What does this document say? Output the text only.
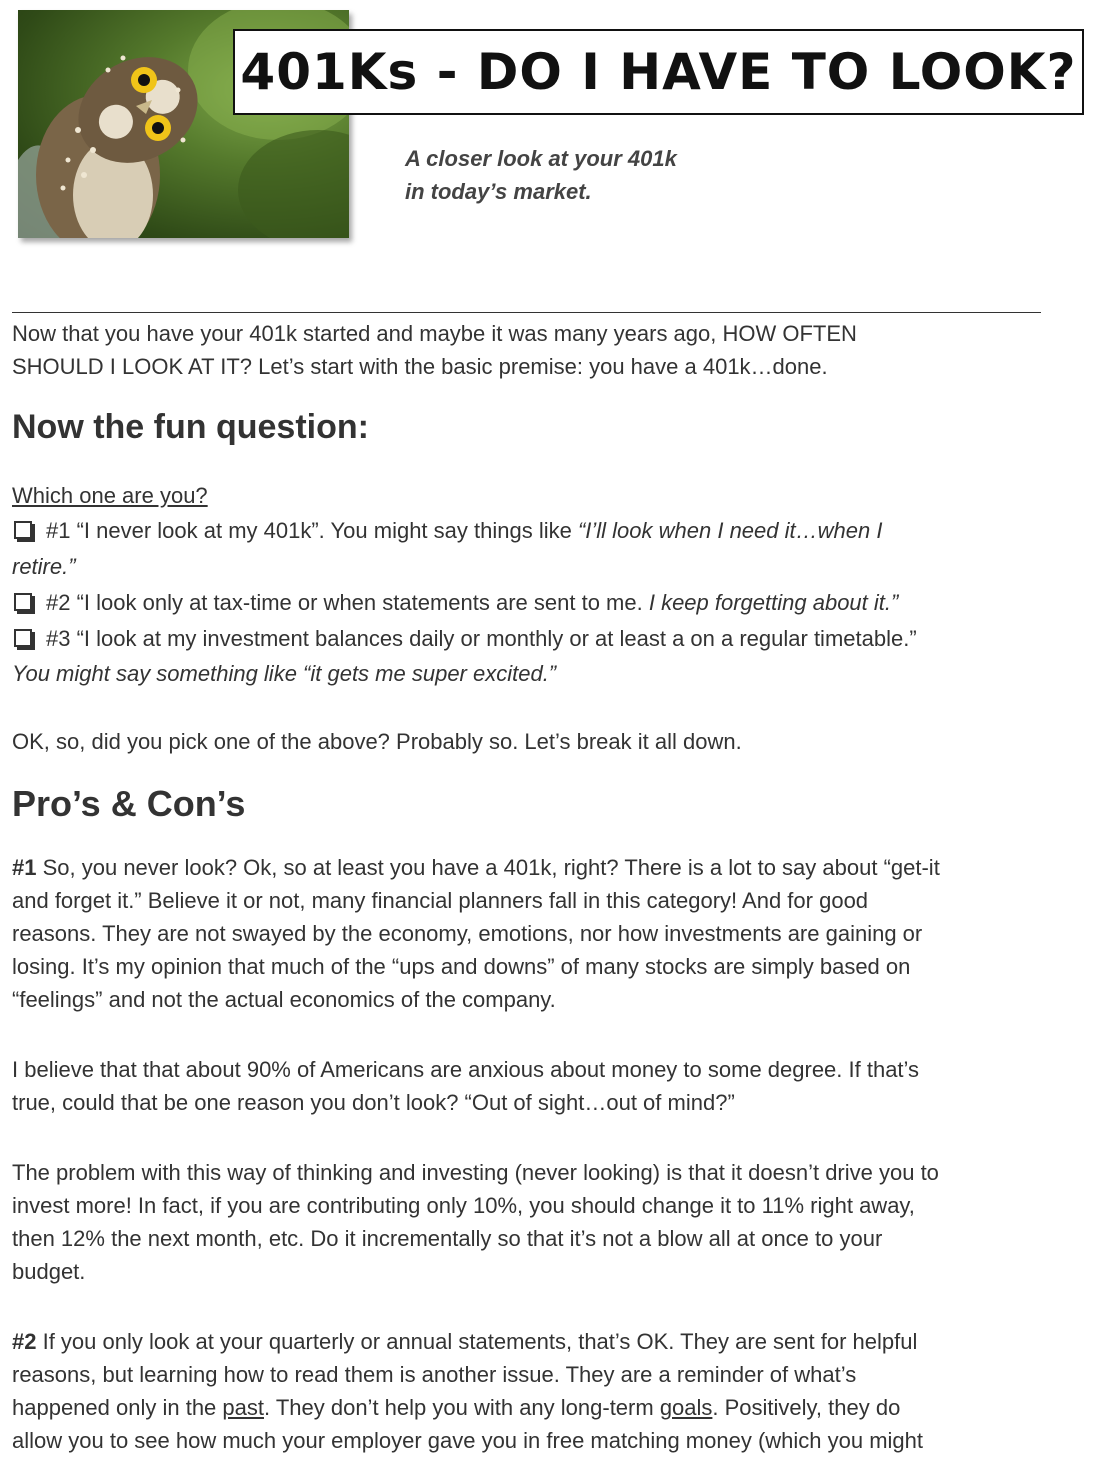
401Ks - DO I HAVE TO LOOK?

A closer look at your 401k
in today’s market.

Now that you have your 401k started and maybe it was many years ago, HOW OFTEN

SHOULD I LOOK AT IT? Let’s start with the basic premise: you have a 401k…done.

Now the fun question:

Which one are you?

#1 “I never look at my 401k”. You might say things like “I’ll look when I need it…when I

retire.”

#2 “I look only at tax-time or when statements are sent to me. I keep forgetting about it.”

#3 “I look at my investment balances daily or monthly or at least a on a regular timetable.”

You might say something like “it gets me super excited.”

OK, so, did you pick one of the above? Probably so. Let’s break it all down.

Pro’s & Con’s

#1 So, you never look? Ok, so at least you have a 401k, right? There is a lot to say about “get-it

and forget it.” Believe it or not, many financial planners fall in this category! And for good

reasons. They are not swayed by the economy, emotions, nor how investments are gaining or

losing. It’s my opinion that much of the “ups and downs” of many stocks are simply based on

“feelings” and not the actual economics of the company.

I believe that that about 90% of Americans are anxious about money to some degree. If that’s

true, could that be one reason you don’t look? “Out of sight…out of mind?”

The problem with this way of thinking and investing (never looking) is that it doesn’t drive you to

invest more! In fact, if you are contributing only 10%, you should change it to 11% right away,

then 12% the next month, etc. Do it incrementally so that it’s not a blow all at once to your

budget.

#2 If you only look at your quarterly or annual statements, that’s OK. They are sent for helpful

reasons, but learning how to read them is another issue. They are a reminder of what’s

happened only in the past. They don’t help you with any long-term goals. Positively, they do

allow you to see how much your employer gave you in free matching money (which you might
